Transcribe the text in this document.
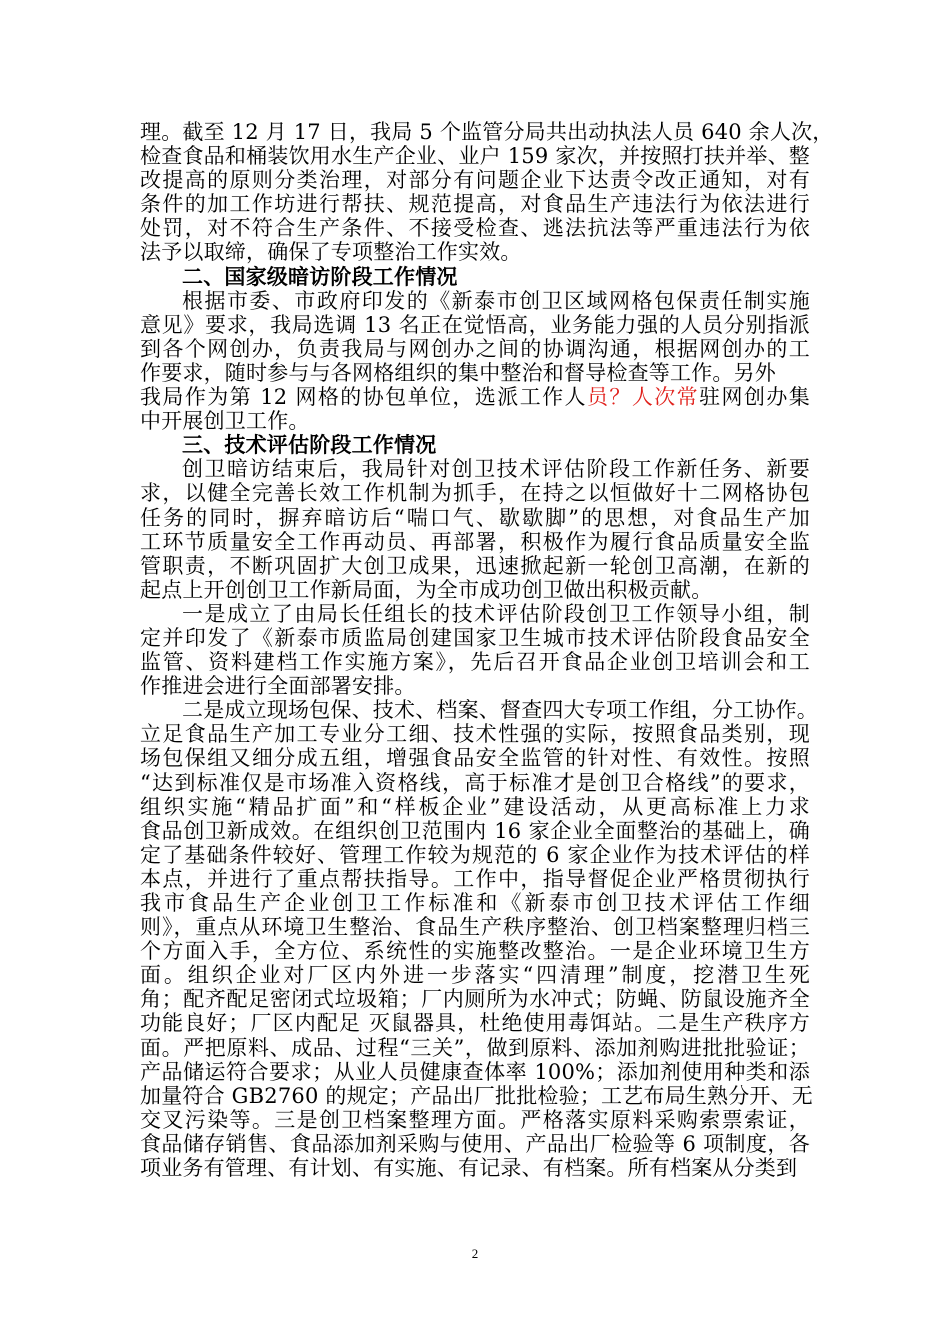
理。截至 12 月 17 日，我局 5 个监管分局共出动执法人员 640 余人次，
检查食品和桶装饮用水生产企业、业户 159 家次，并按照打扶并举、整
改提高的原则分类治理，对部分有问题企业下达责令改正通知，对有
条件的加工作坊进行帮扶、规范提高，对食品生产违法行为依法进行
处罚，对不符合生产条件、不接受检查、逃法抗法等严重违法行为依
法予以取缔，确保了专项整治工作实效。
二、国家级暗访阶段工作情况
根据市委、市政府印发的《新泰市创卫区域网格包保责任制实施
意见》要求，我局选调 13 名正在觉悟高，业务能力强的人员分别指派
到各个网创办，负责我局与网创办之间的协调沟通，根据网创办的工
作要求，随时参与与各网格组织的集中整治和督导检查等工作。另外
我局作为第 12 网格的协包单位，选派工作人员？人次常驻网创办集
中开展创卫工作。
三、技术评估阶段工作情况
创卫暗访结束后，我局针对创卫技术评估阶段工作新任务、新要
求，以健全完善长效工作机制为抓手，在持之以恒做好十二网格协包
任务的同时，摒弃暗访后“喘口气、歇歇脚”的思想，对食品生产加
工环节质量安全工作再动员、再部署，积极作为履行食品质量安全监
管职责，不断巩固扩大创卫成果，迅速掀起新一轮创卫高潮，在新的
起点上开创创卫工作新局面，为全市成功创卫做出积极贡献。
一是成立了由局长任组长的技术评估阶段创卫工作领导小组，制
定并印发了《新泰市质监局创建国家卫生城市技术评估阶段食品安全
监管、资料建档工作实施方案》，先后召开食品企业创卫培训会和工
作推进会进行全面部署安排。
二是成立现场包保、技术、档案、督查四大专项工作组，分工协作。
立足食品生产加工专业分工细、技术性强的实际，按照食品类别，现
场包保组又细分成五组，增强食品安全监管的针对性、有效性。按照
“达到标准仅是市场准入资格线，高于标准才是创卫合格线”的要求，
组织实施“精品扩面”和“样板企业”建设活动，从更高标准上力求
食品创卫新成效。在组织创卫范围内 16 家企业全面整治的基础上，确
定了基础条件较好、管理工作较为规范的 6 家企业作为技术评估的样
本点，并进行了重点帮扶指导。工作中，指导督促企业严格贯彻执行
我市食品生产企业创卫工作标准和《新泰市创卫技术评估工作细
则》，重点从环境卫生整治、食品生产秩序整治、创卫档案整理归档三
个方面入手，全方位、系统性的实施整改整治。一是企业环境卫生方
面。组织企业对厂区内外进一步落实“四清理”制度，挖潜卫生死
角；配齐配足密闭式垃圾箱；厂内厕所为水冲式；防蝇、防鼠设施齐全
功能良好；厂区内配足 灭鼠器具，杜绝使用毒饵站。二是生产秩序方
面。严把原料、成品、过程“三关”，做到原料、添加剂购进批批验证；
产品储运符合要求；从业人员健康查体率 100%；添加剂使用种类和添
加量符合 GB2760 的规定；产品出厂批批检验；工艺布局生熟分开、无
交叉污染等。三是创卫档案整理方面。严格落实原料采购索票索证，
食品储存销售、食品添加剂采购与使用、产品出厂检验等 6 项制度，各
项业务有管理、有计划、有实施、有记录、有档案。所有档案从分类到
2
